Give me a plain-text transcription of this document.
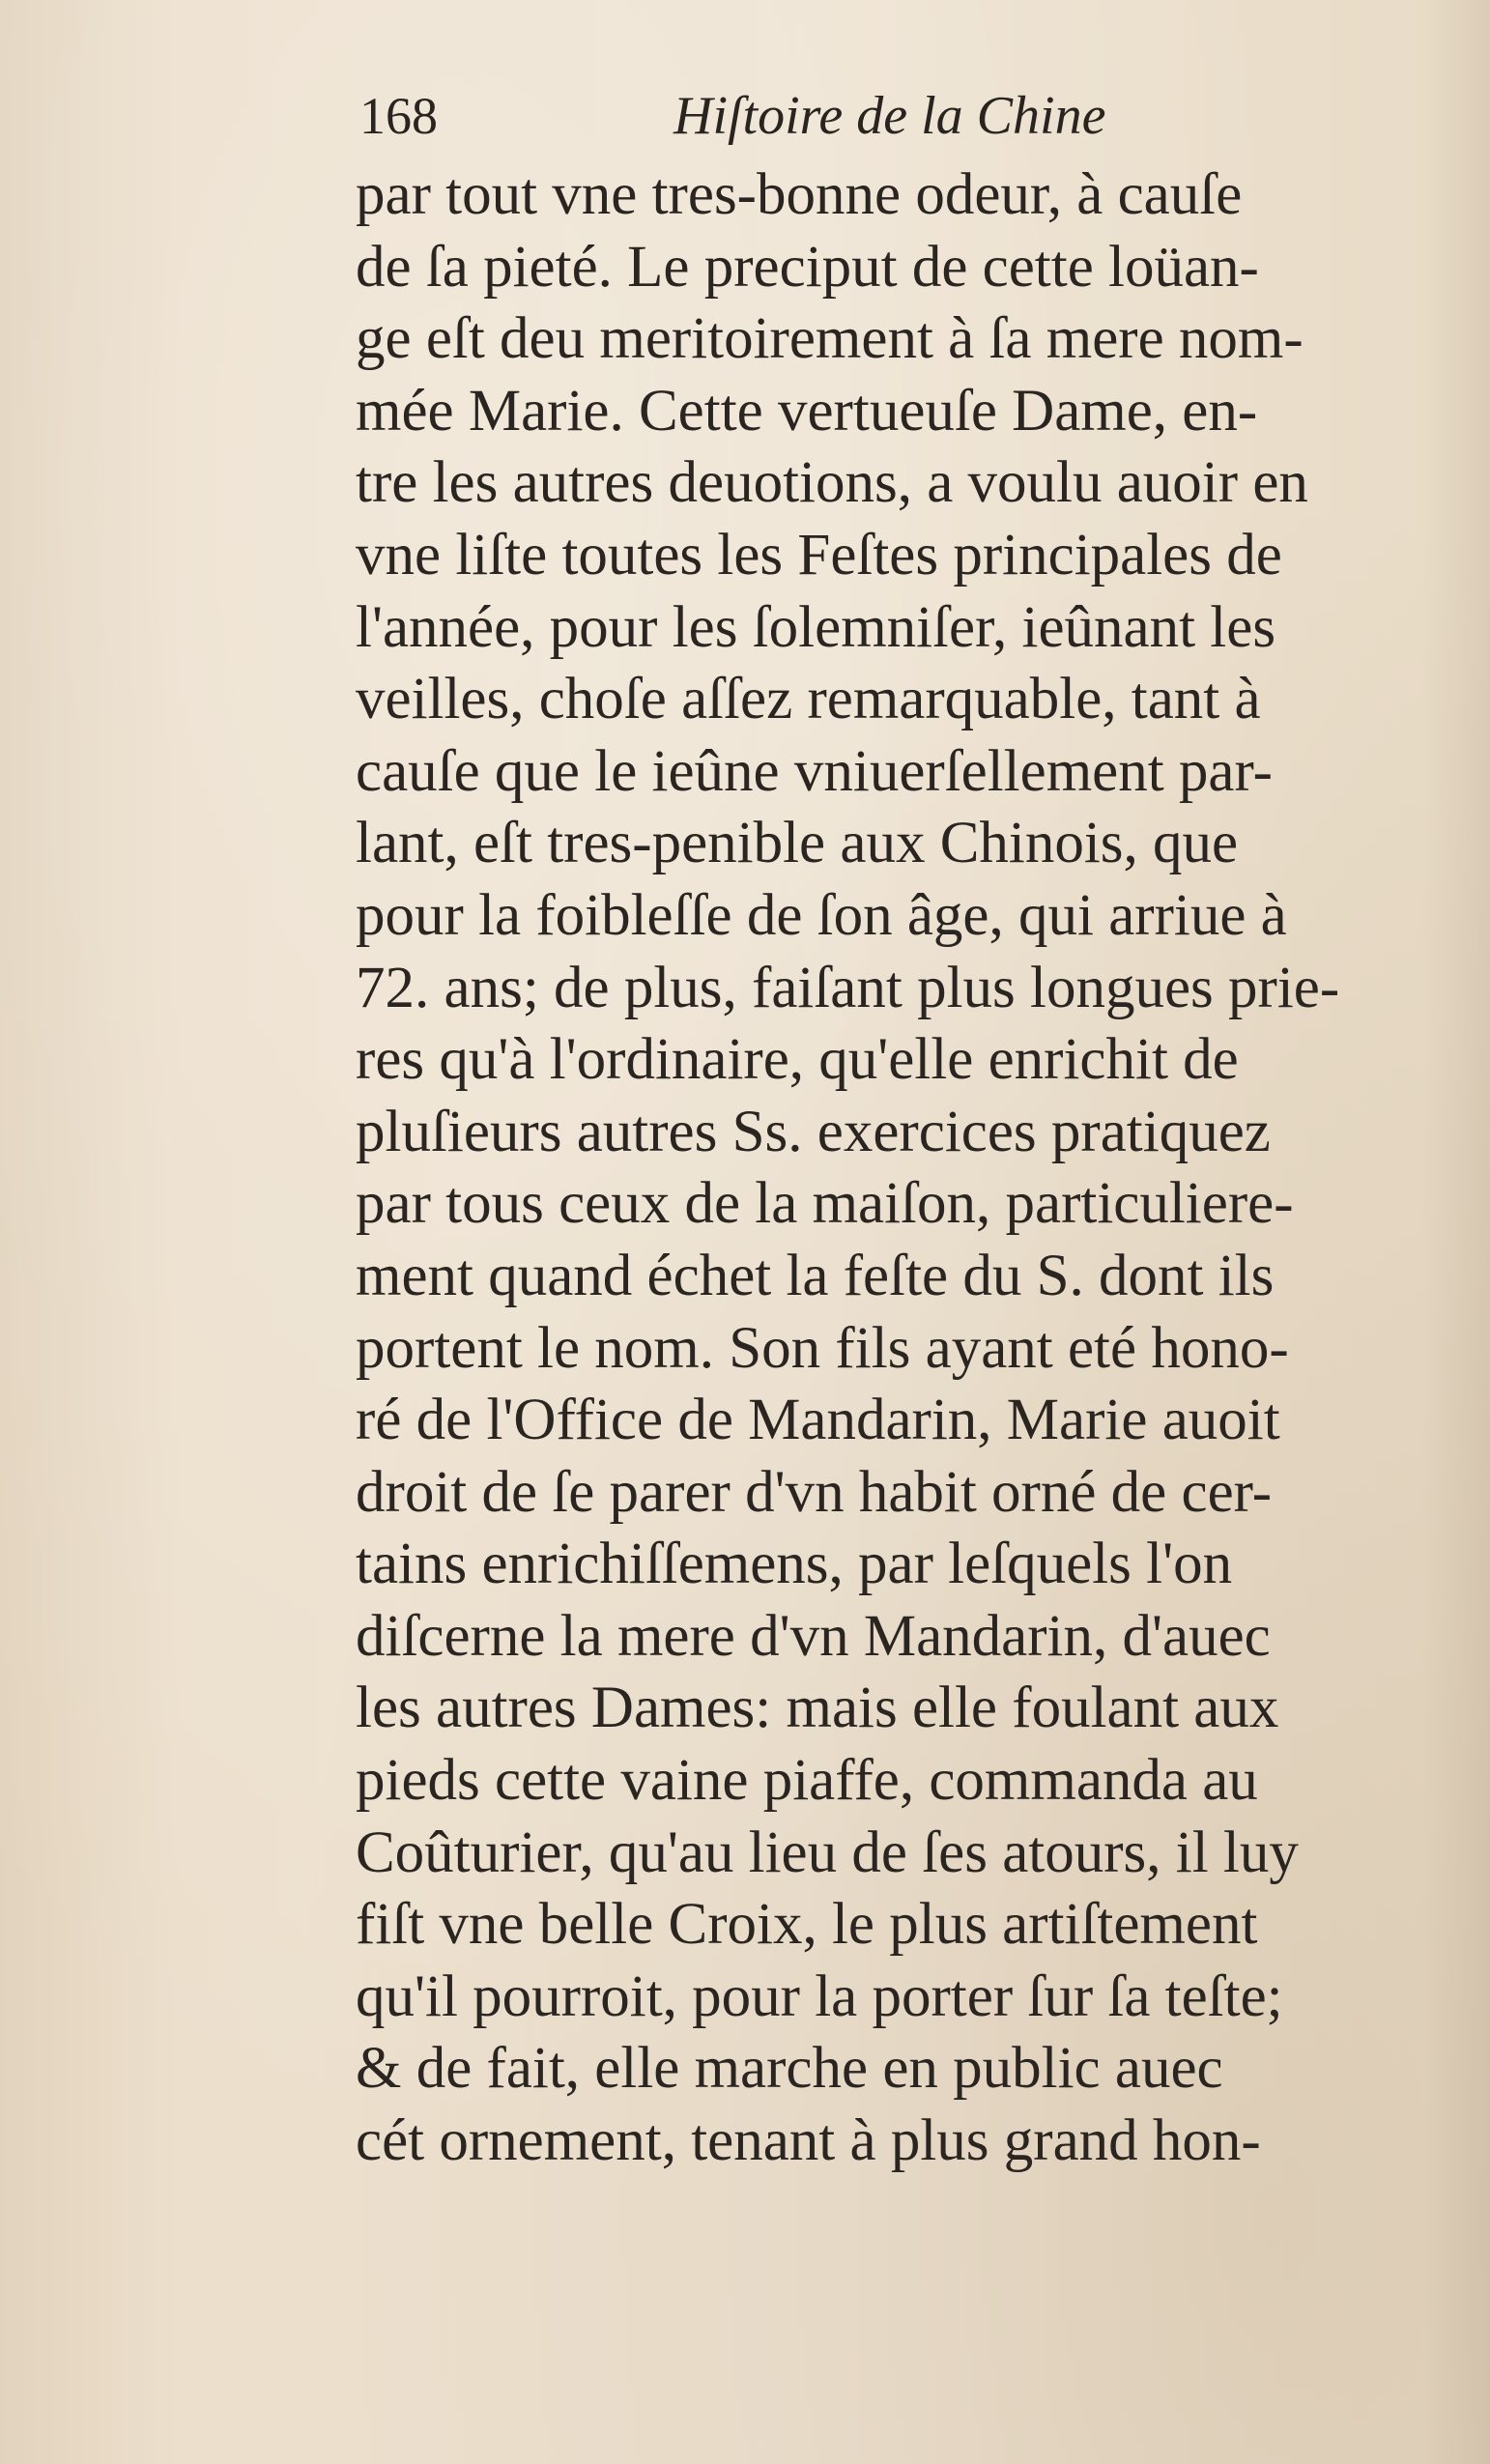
168	Hiſtoire de la Chine
par tout vne tres-bonne odeur, à cauſe
de ſa pieté. Le preciput de cette loüan-
ge eſt deu meritoirement à ſa mere nom-
mée Marie. Cette vertueuſe Dame, en-
tre les autres deuotions, a voulu auoir en
vne liſte toutes les Feſtes principales de
l'année, pour les ſolemniſer, ieûnant les
veilles, choſe aſſez remarquable, tant à
cauſe que le ieûne vniuerſellement par-
lant, eſt tres-penible aux Chinois, que
pour la foibleſſe de ſon âge, qui arriue à
72. ans; de plus, faiſant plus longues prie-
res qu'à l'ordinaire, qu'elle enrichit de
pluſieurs autres Ss. exercices pratiquez
par tous ceux de la maiſon, particuliere-
ment quand échet la feſte du S. dont ils
portent le nom. Son fils ayant eté hono-
ré de l'Office de Mandarin, Marie auoit
droit de ſe parer d'vn habit orné de cer-
tains enrichiſſemens, par leſquels l'on
diſcerne la mere d'vn Mandarin, d'auec
les autres Dames: mais elle foulant aux
pieds cette vaine piaffe, commanda au
Coûturier, qu'au lieu de ſes atours, il luy
fiſt vne belle Croix, le plus artiſtement
qu'il pourroit, pour la porter ſur ſa teſte;
& de fait, elle marche en public auec
cét ornement, tenant à plus grand hon-
